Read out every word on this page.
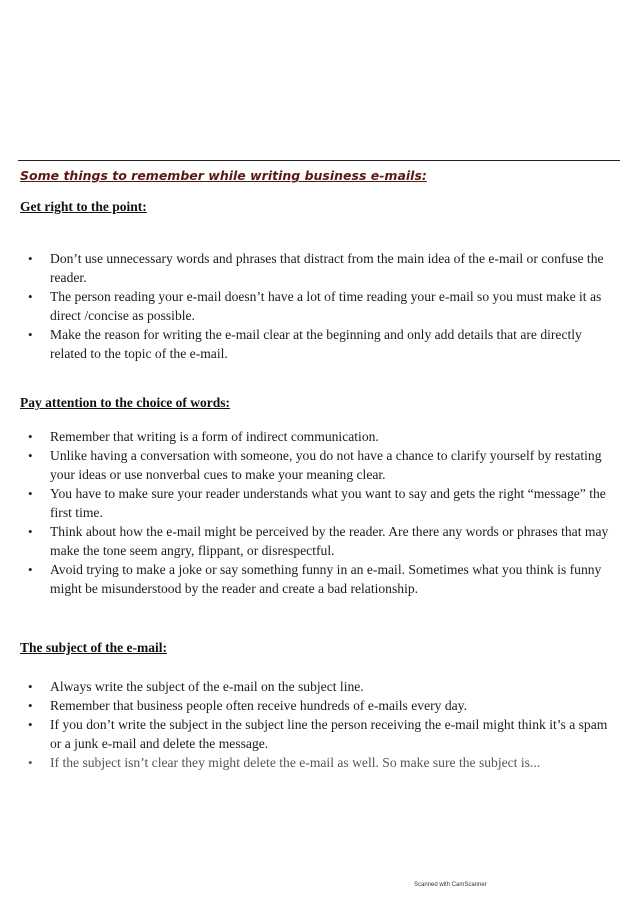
Some things to remember while writing business e-mails:
Get right to the point:
• Don’t use unnecessary words and phrases that distract from the main idea of the e-mail or confuse the reader.
• The person reading your e-mail doesn’t have a lot of time reading your e-mail so you must make it as direct /concise as possible.
• Make the reason for writing the e-mail clear at the beginning and only add details that are directly related to the topic of the e-mail.
Pay attention to the choice of words:
• Remember that writing is a form of indirect communication.
• Unlike having a conversation with someone, you do not have a chance to clarify yourself by restating your ideas or use nonverbal cues to make your meaning clear.
• You have to make sure your reader understands what you want to say and gets the right “message” the first time.
• Think about how the e-mail might be perceived by the reader. Are there any words or phrases that may make the tone seem angry, flippant, or disrespectful.
• Avoid trying to make a joke or say something funny in an e-mail. Sometimes what you think is funny might be misunderstood by the reader and create a bad relationship.
The subject of the e-mail:
• Always write the subject of the e-mail on the subject line.
• Remember that business people often receive hundreds of e-mails every day.
• If you don’t write the subject in the subject line the person receiving the e-mail might think it’s a spam or a junk e-mail and delete the message.
• If the subject isn’t clear they might delete the e-mail as well. So make sure the subject is...
Scanned with CamScanner
